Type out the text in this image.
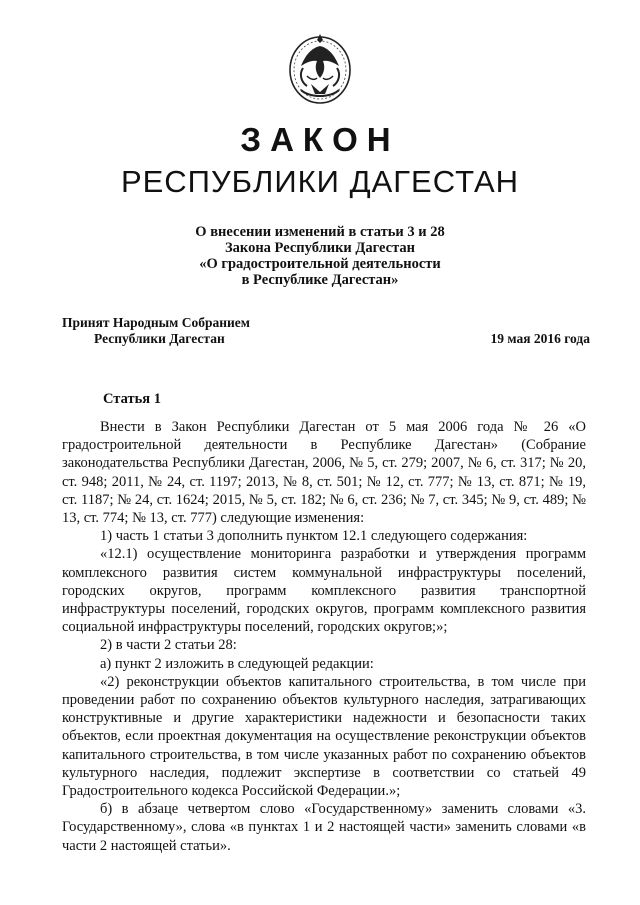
ЗАКОН
РЕСПУБЛИКИ ДАГЕСТАН
О внесении изменений в статьи 3 и 28
Закона Республики Дагестан
«О градостроительной деятельности
в Республике Дагестан»
Принят Народным Собранием
Республики Дагестан	19 мая 2016 года
Статья 1

Внести в Закон Республики Дагестан от 5 мая 2006 года № 26 «О градостроительной деятельности в Республике Дагестан» (Собрание законодательства Республики Дагестан, 2006, № 5, ст. 279; 2007, № 6, ст. 317; № 20, ст. 948; 2011, № 24, ст. 1197; 2013, № 8, ст. 501; № 12, ст. 777; № 13, ст. 871; № 19, ст. 1187; № 24, ст. 1624; 2015, № 5, ст. 182; № 6, ст. 236; № 7, ст. 345; № 9, ст. 489; № 13, ст. 774; № 13, ст. 777) следующие изменения:

1) часть 1 статьи 3 дополнить пунктом 12.1 следующего содержания:

«12.1) осуществление мониторинга разработки и утверждения программ комплексного развития систем коммунальной инфраструктуры поселений, городских округов, программ комплексного развития транспортной инфраструктуры поселений, городских округов, программ комплексного развития социальной инфраструктуры поселений, городских округов;»;

2) в части 2 статьи 28:

а) пункт 2 изложить в следующей редакции:

«2) реконструкции объектов капитального строительства, в том числе при проведении работ по сохранению объектов культурного наследия, затрагивающих конструктивные и другие характеристики надежности и безопасности таких объектов, если проектная документация на осуществление реконструкции объектов капитального строительства, в том числе указанных работ по сохранению объектов культурного наследия, подлежит экспертизе в соответствии со статьей 49 Градостроительного кодекса Российской Федерации.»;

б) в абзаце четвертом слово «Государственному» заменить словами «3. Государственному», слова «в пунктах 1 и 2 настоящей части» заменить словами «в части 2 настоящей статьи».
